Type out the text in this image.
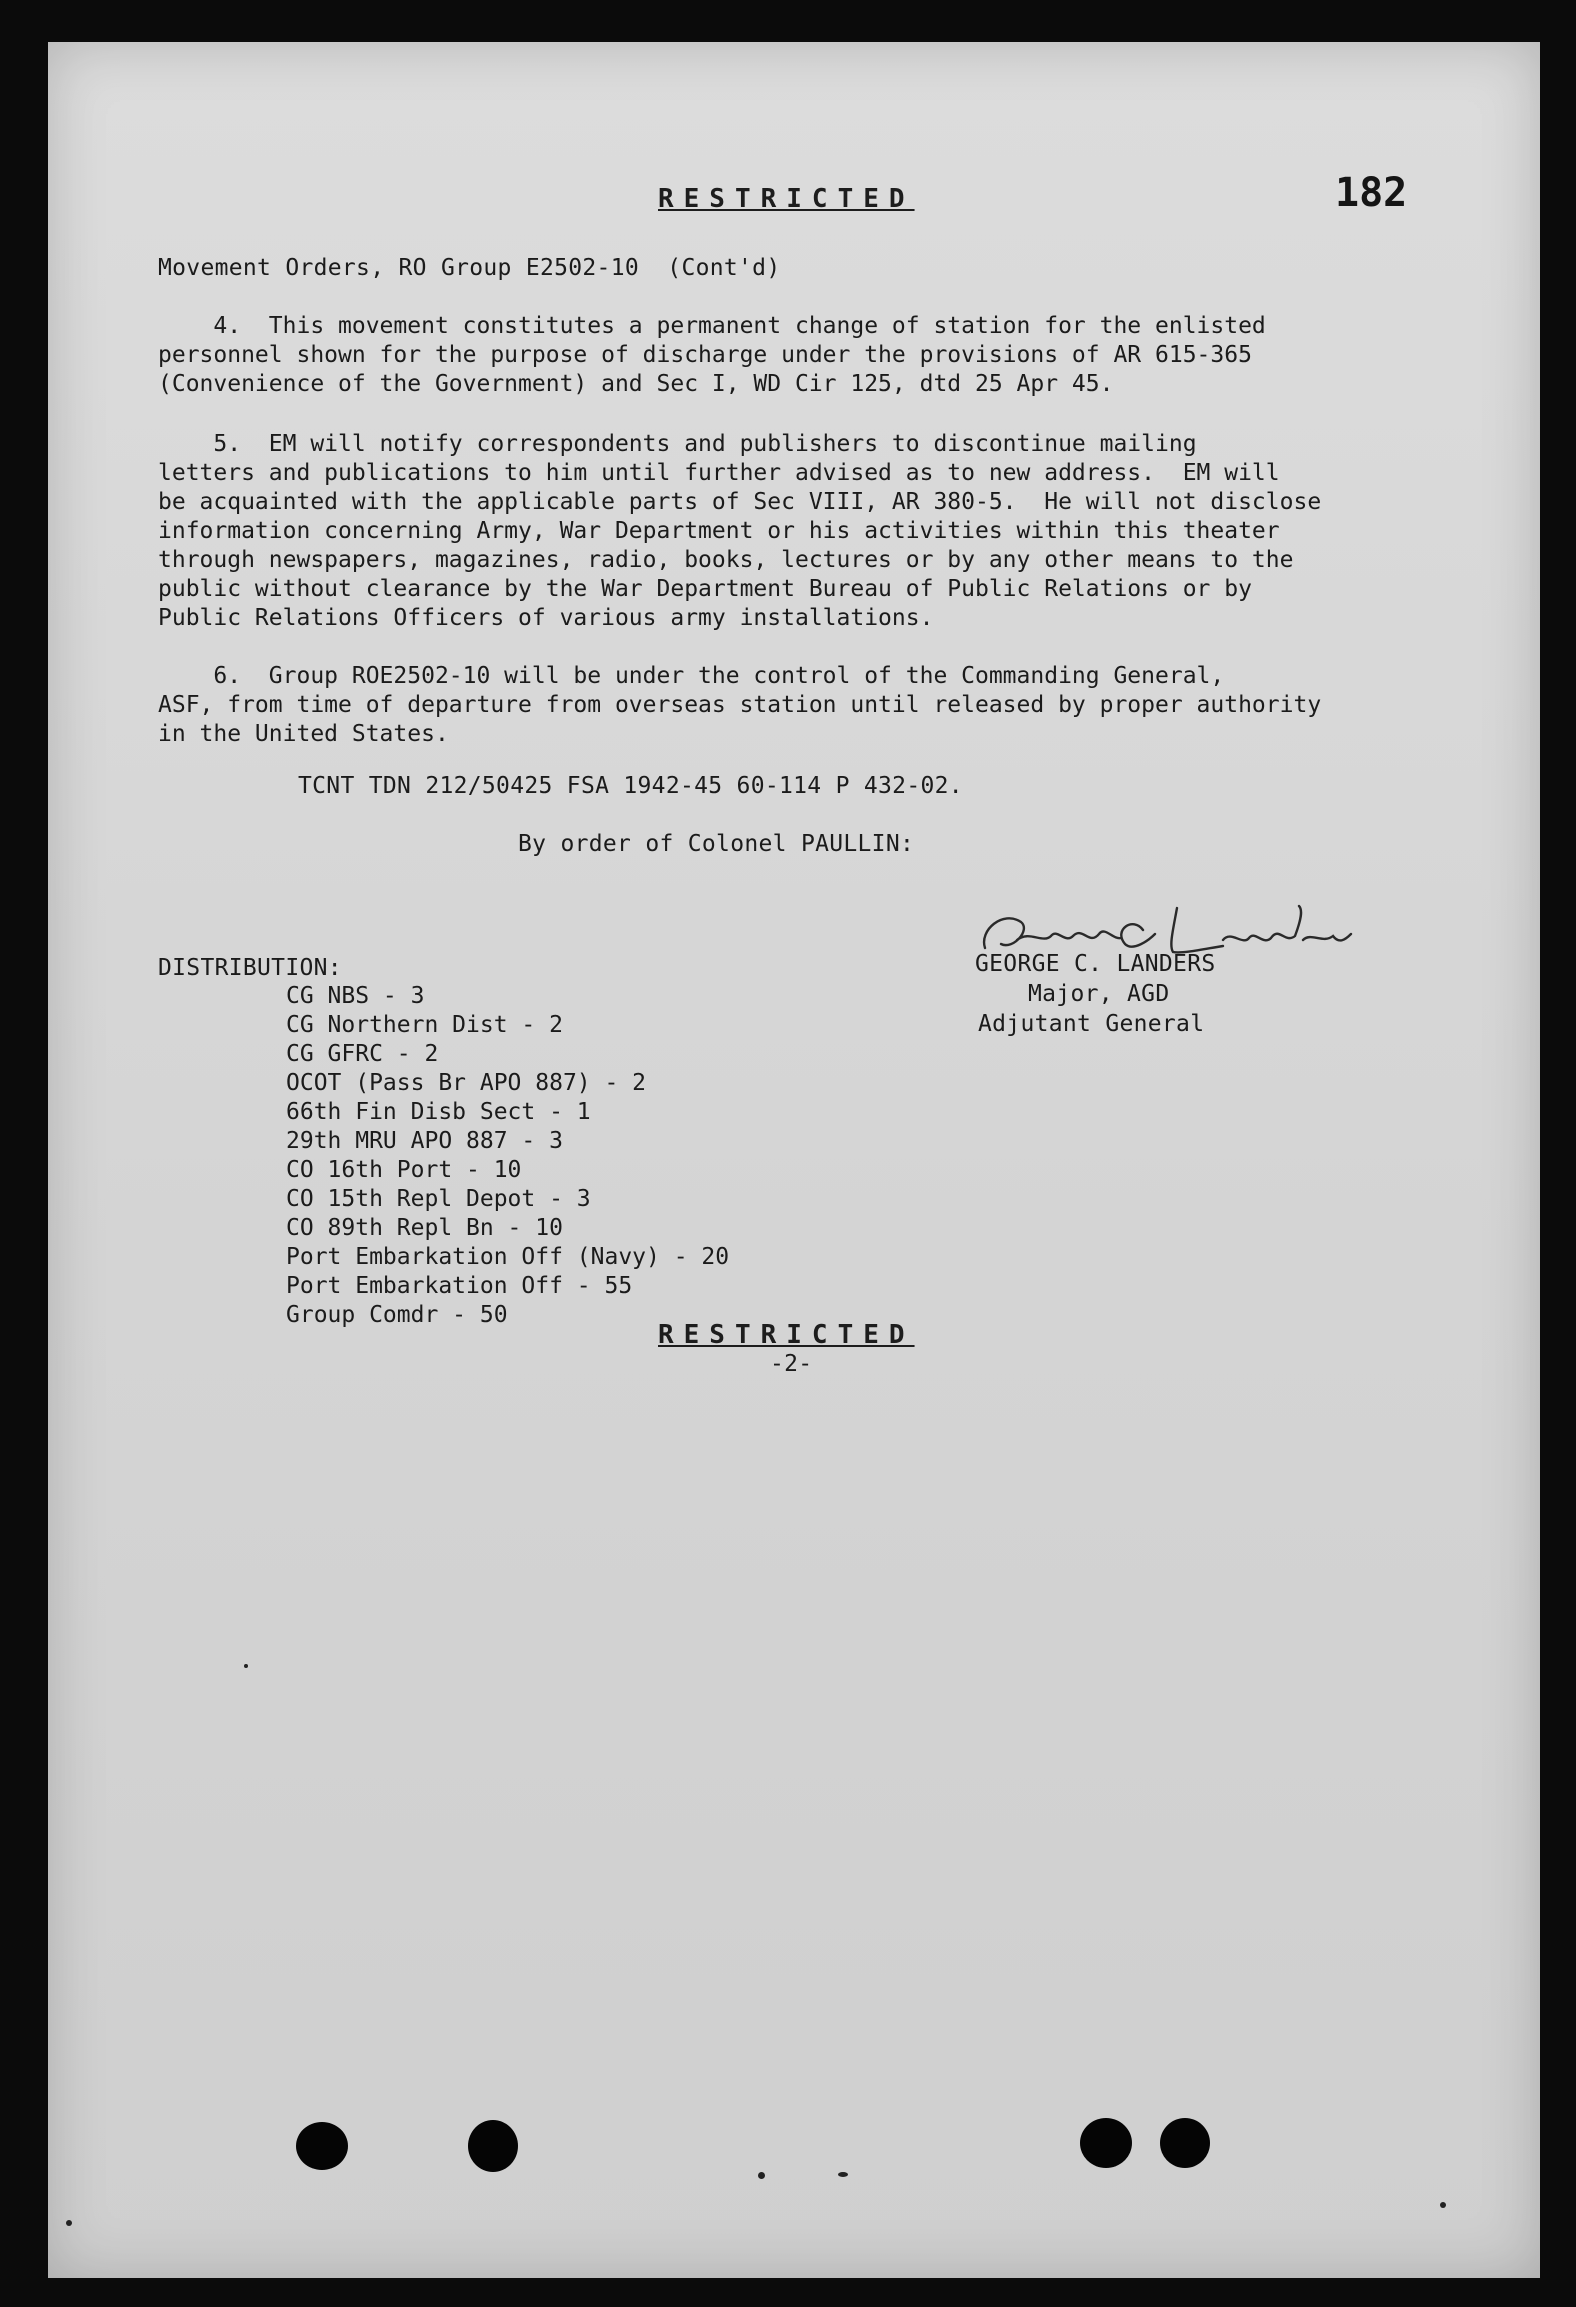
182
RESTRICTED
Movement Orders, RO Group E2502-10  (Cont'd)
4.  This movement constitutes a permanent change of station for the enlisted
personnel shown for the purpose of discharge under the provisions of AR 615-365
(Convenience of the Government) and Sec I, WD Cir 125, dtd 25 Apr 45.
5.  EM will notify correspondents and publishers to discontinue mailing
letters and publications to him until further advised as to new address.  EM will
be acquainted with the applicable parts of Sec VIII, AR 380-5.  He will not disclose
information concerning Army, War Department or his activities within this theater
through newspapers, magazines, radio, books, lectures or by any other means to the
public without clearance by the War Department Bureau of Public Relations or by
Public Relations Officers of various army installations.
6.  Group ROE2502-10 will be under the control of the Commanding General,
ASF, from time of departure from overseas station until released by proper authority
in the United States.
TCNT TDN 212/50425 FSA 1942-45 60-114 P 432-02.
By order of Colonel PAULLIN:
GEORGE C. LANDERS
Major, AGD
Adjutant General
DISTRIBUTION:
CG NBS - 3
CG Northern Dist - 2
CG GFRC - 2
OCOT (Pass Br APO 887) - 2
66th Fin Disb Sect - 1
29th MRU APO 887 - 3
CO 16th Port - 10
CO 15th Repl Depot - 3
CO 89th Repl Bn - 10
Port Embarkation Off (Navy) - 20
Port Embarkation Off - 55
Group Comdr - 50
RESTRICTED
-2-
